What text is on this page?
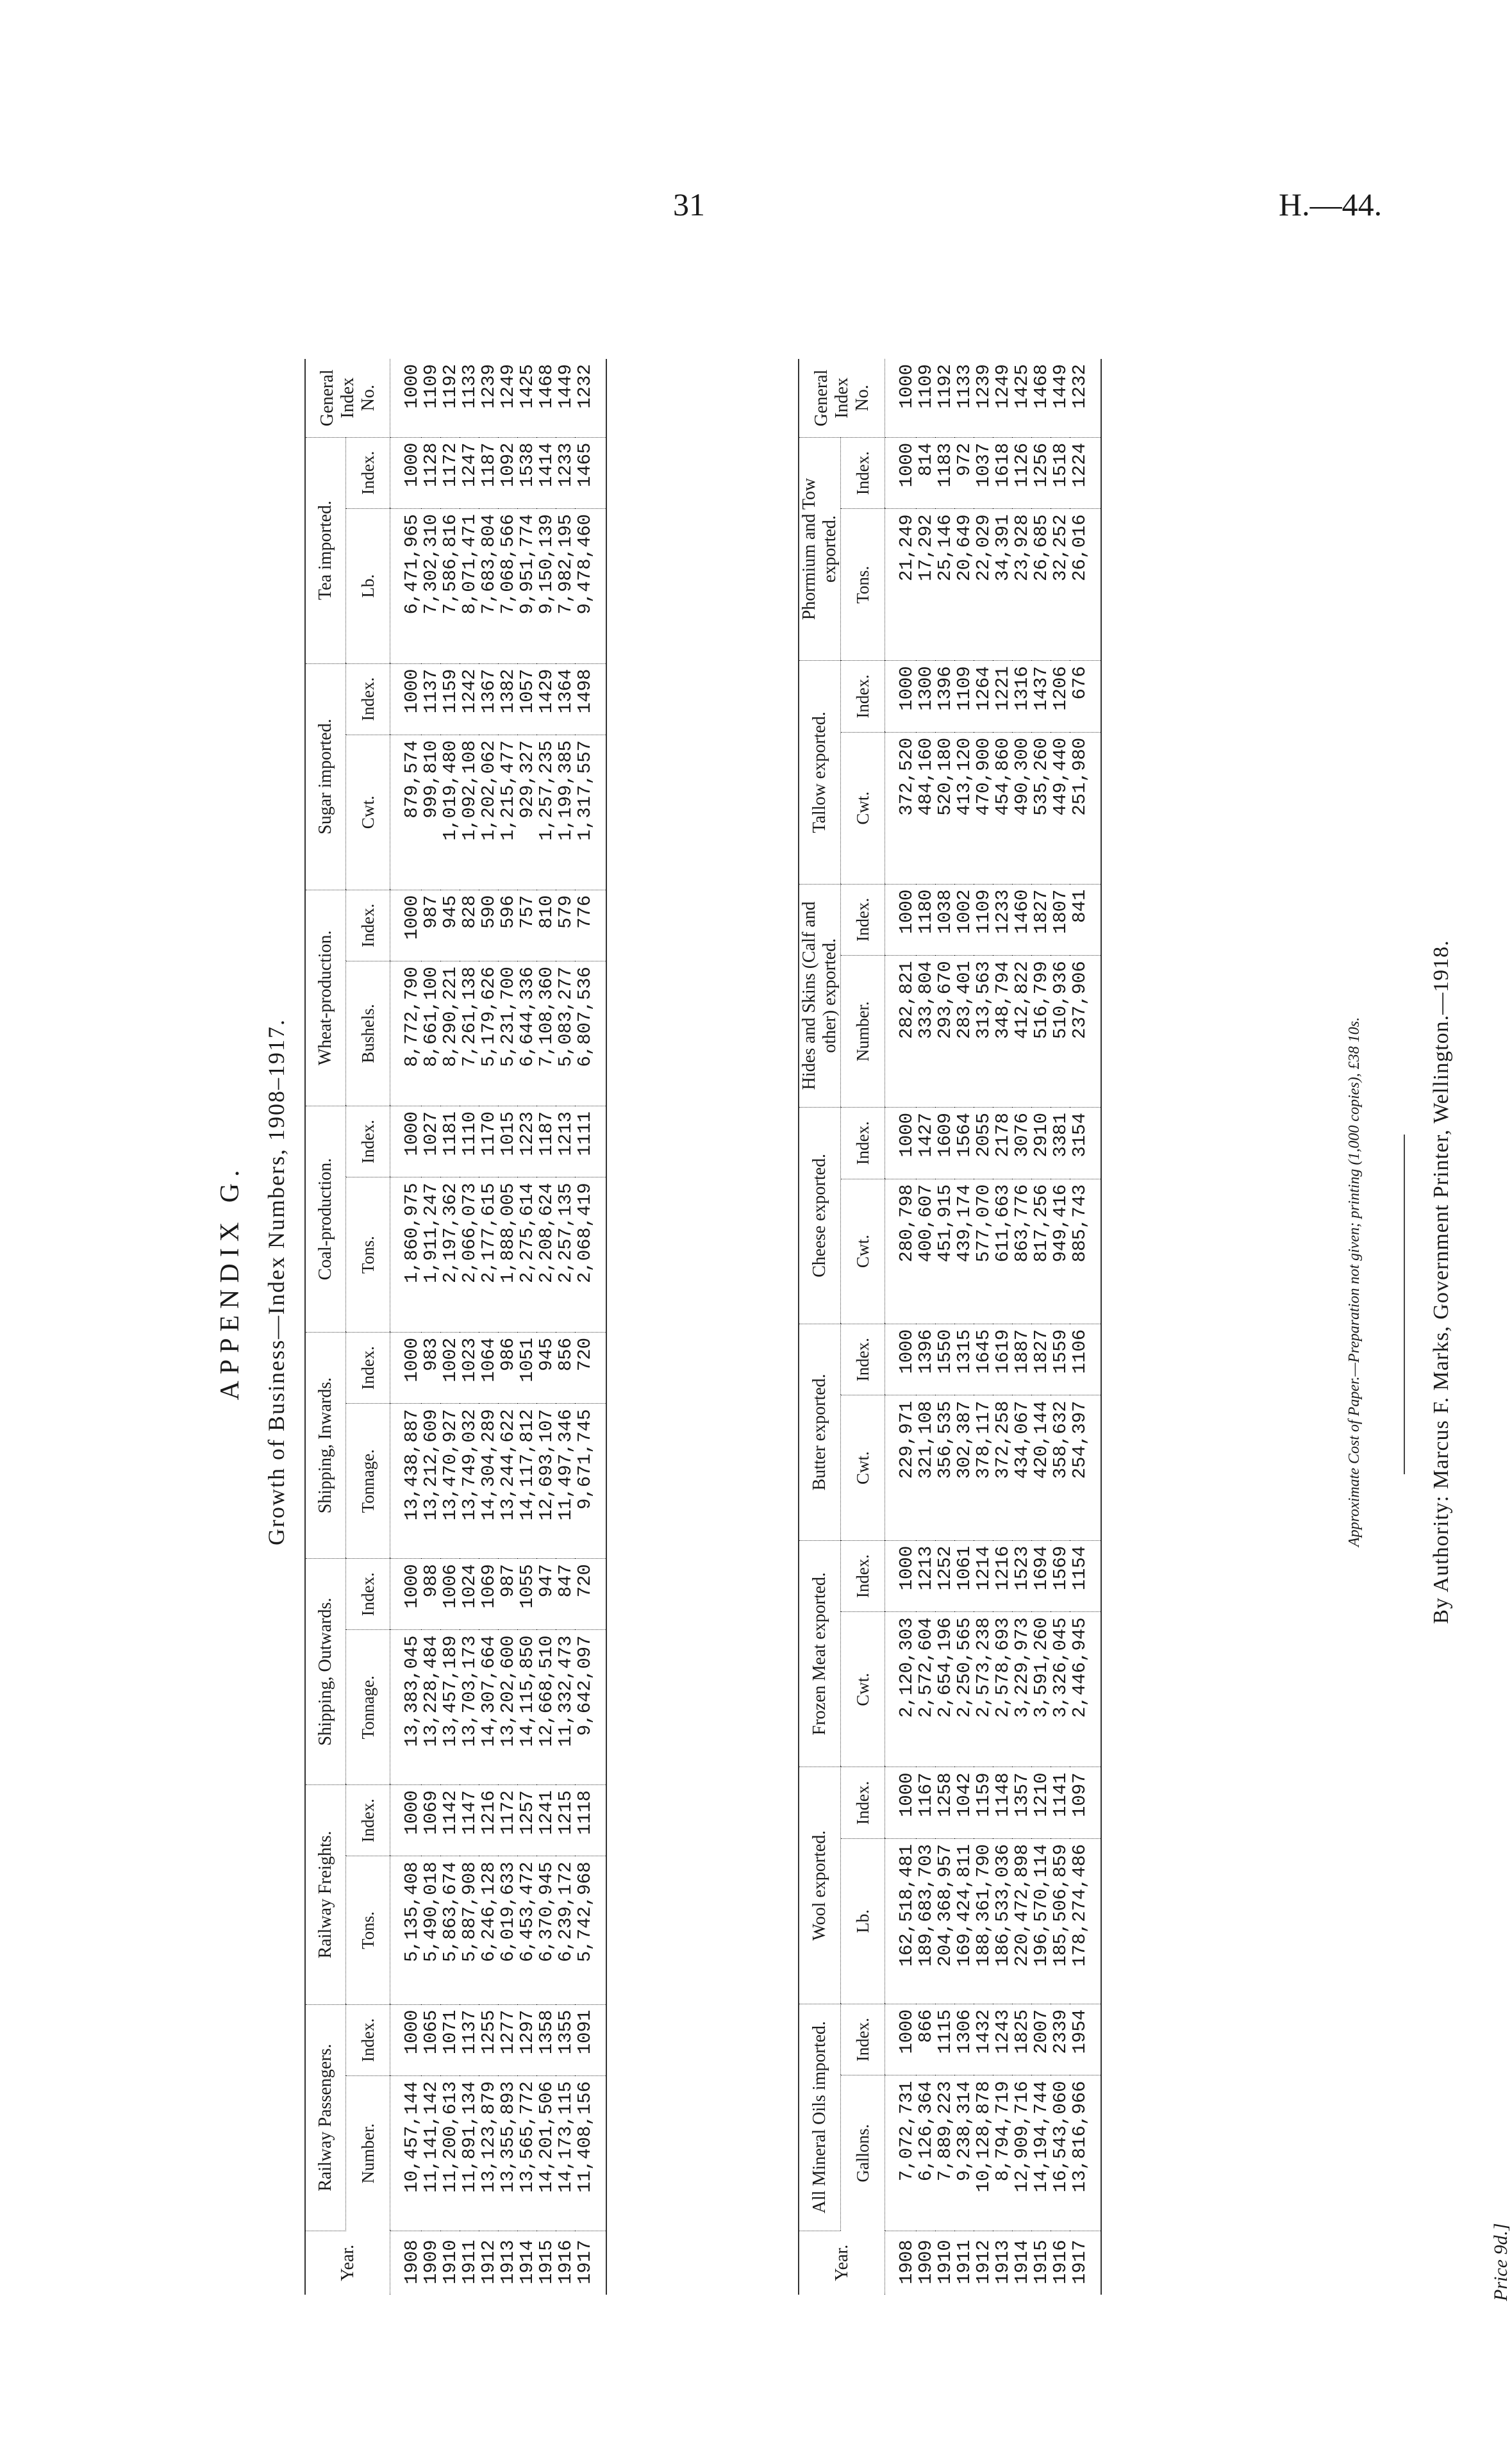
31	H.—44.
APPENDIX G. Growth of Business—Index Numbers, 1908–1917.
Year.	Railway Passengers.		Railway Freights.		Shipping, Outwards.		Shipping, Inwards.		Coal-production.		Wheat-production.		Sugar imported.		Tea imported.		General Index No.
	Number.	Index.	Tons.	Index.	Tonnage.	Index.	Tonnage.	Index.	Tons.	Index.	Bushels.	Index.	Cwt.	Index.	Lb.	Index.	
1908	10,457,144	1000	5,135,408	1000	13,383,045	1000	13,438,887	1000	1,860,975	1000	8,772,790	1000	879,574	1000	6,471,965	1000	1000
1909	11,141,142	1065	5,490,018	1069	13,228,484	988	13,212,609	983	1,911,247	1027	8,661,100	987	999,810	1137	7,302,310	1128	1109
1910	11,200,613	1071	5,863,674	1142	13,457,189	1006	13,470,927	1002	2,197,362	1181	8,290,221	945	1,019,480	1159	7,586,816	1172	1192
1911	11,891,134	1137	5,887,908	1147	13,703,173	1024	13,749,032	1023	2,066,073	1110	7,261,138	828	1,092,108	1242	8,071,471	1247	1133
1912	13,123,879	1255	6,246,128	1216	14,307,664	1069	14,304,289	1064	2,177,615	1170	5,179,626	590	1,202,062	1367	7,683,804	1187	1239
1913	13,355,893	1277	6,019,633	1172	13,202,600	987	13,244,622	986	1,888,005	1015	5,231,700	596	1,215,477	1382	7,068,566	1092	1249
1914	13,565,772	1297	6,453,472	1257	14,115,850	1055	14,117,812	1051	2,275,614	1223	6,644,336	757	929,327	1057	9,951,774	1538	1425
1915	14,201,506	1358	6,370,945	1241	12,668,510	947	12,693,107	945	2,208,624	1187	7,108,360	810	1,257,235	1429	9,150,139	1414	1468
1916	14,173,115	1355	6,239,172	1215	11,332,473	847	11,497,346	856	2,257,135	1213	5,083,277	579	1,199,385	1364	7,982,195	1233	1449
1917	11,408,156	1091	5,742,968	1118	9,642,097	720	9,671,745	720	2,068,419	1111	6,807,536	776	1,317,557	1498	9,478,460	1465	1232
Year.	All Mineral Oils imported.		Wool exported.		Frozen Meat exported.		Butter exported.		Cheese exported.		Hides and Skins (Calf and other) exported.		Tallow exported.		Phormium and Tow exported.		General Index No.
	Gallons.	Index.	Lb.	Index.	Cwt.	Index.	Cwt.	Index.	Cwt.	Index.	Number.	Index.	Cwt.	Index.	Tons.	Index.	
1908	7,072,731	1000	162,518,481	1000	2,120,303	1000	229,971	1000	280,798	1000	282,821	1000	372,520	1000	21,249	1000	1000
1909	6,126,364	866	189,683,703	1167	2,572,604	1213	321,108	1396	400,607	1427	333,804	1180	484,160	1300	17,292	814	1109
1910	7,889,223	1115	204,368,957	1258	2,654,196	1252	356,535	1550	451,915	1609	293,670	1038	520,180	1396	25,146	1183	1192
1911	9,238,314	1306	169,424,811	1042	2,250,565	1061	302,387	1315	439,174	1564	283,401	1002	413,120	1109	20,649	972	1133
1912	10,128,878	1432	188,361,790	1159	2,573,238	1214	378,117	1645	577,070	2055	313,563	1109	470,900	1264	22,029	1037	1239
1913	8,794,719	1243	186,533,036	1148	2,578,693	1216	372,258	1619	611,663	2178	348,794	1233	454,860	1221	34,391	1618	1249
1914	12,909,716	1825	220,472,898	1357	3,229,973	1523	434,067	1887	863,776	3076	412,822	1460	490,300	1316	23,928	1126	1425
1915	14,194,744	2007	196,570,114	1210	3,591,260	1694	420,144	1827	817,256	2910	516,799	1827	535,260	1437	26,685	1256	1468
1916	16,543,060	2339	185,506,859	1141	3,326,045	1569	358,632	1559	949,416	3381	510,936	1807	449,440	1206	32,252	1518	1449
1917	13,816,966	1954	178,274,486	1097	2,446,945	1154	254,397	1106	885,743	3154	237,906	841	251,980	676	26,016	1224	1232
Approximate Cost of Paper.—Preparation not given; printing (1,000 copies), £38 10s.	By Authority: Marcus F. Marks, Government Printer, Wellington.—1918.
Price 9d.]
